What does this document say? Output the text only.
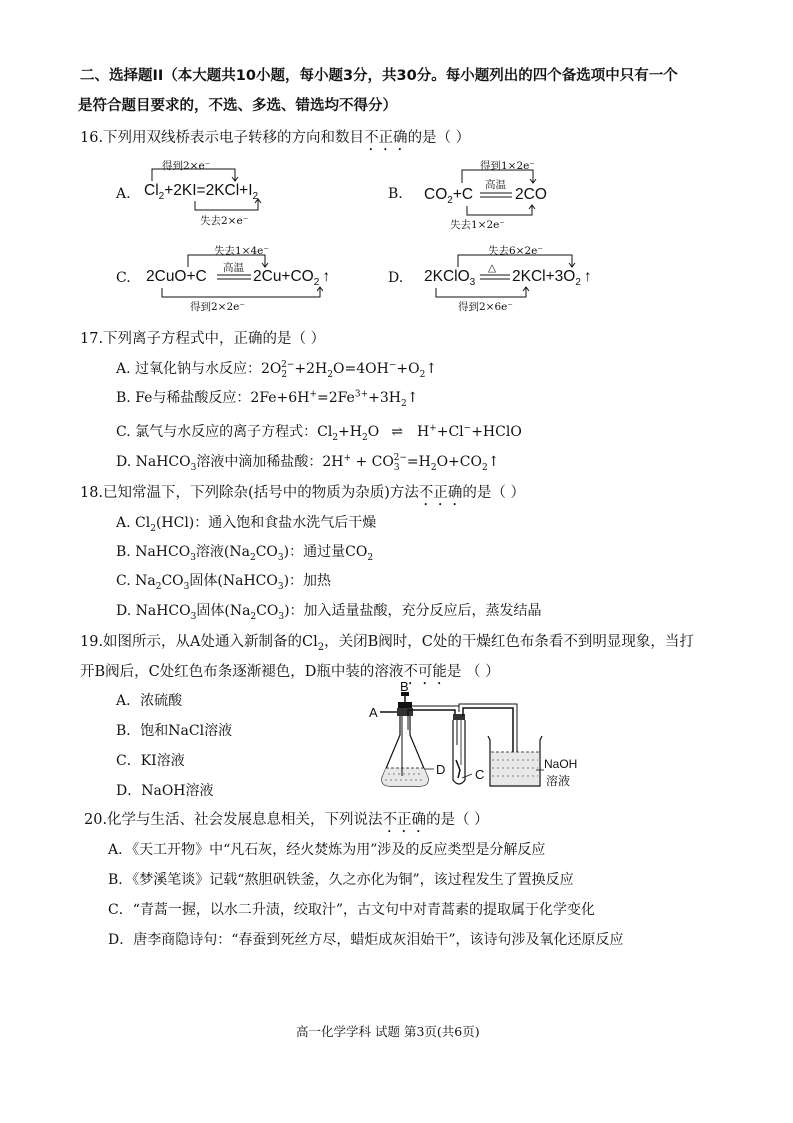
二、选择题II（本大题共10小题，每小题3分，共30分。每小题列出的四个备选项中只有一个
是符合题目要求的，不选、多选、错选均不得分）
16.下列用双线桥表示电子转移的方向和数目不正确的是（ ）
A.
得到2×e⁻
$Cl_2+2KI=2KCl+I_2$
失去2×e⁻
B.
得到1×2e⁻
$CO_2+C$
高温
2CO
失去1×2e⁻
C.
失去1×4e⁻
2CuO+C 高温 $2Cu+CO_2$ ↑
得到2×2e⁻
D.
失去6×2e⁻
2KClO$_3$
△ $2KCl+3O_2$ ↑
得到2×6e⁻
17.下列离子方程式中，正确的是（ ）
A. 过氧化钠与水反应：$2O_2^{2-}+2H_2O=4OH^-+O_2↑$
B. Fe与稀盐酸反应：$2Fe+6H^+=2Fe^{3+}+3H_2↑$
C. 氯气与水反应的离子方程式：$Cl_2+H_2O$ ⇌ H++Cl−+HClO
D. NaHCO$_3$溶液中滴加稀盐酸：$2H^+ + CO_3^{2-}=H_2O+CO_2↑$
18.已知常温下，下列除杂(括号中的物质为杂质)方法不正确的是（ ）
A. $Cl_2(HCl)$：通入饱和食盐水洗气后干燥
B. NaHCO$_3$溶液$(Na_2CO_3)$：通过量$CO_2$
C. $Na_2CO_3$固体(NaHCO$_3$)：加热
D. NaHCO$_3$固体$(Na_2CO_3)$：加入适量盐酸，充分反应后，蒸发结晶
19.如图所示，从A处通入新制备的$Cl_2$，关闭B阀时，C处的干燥红色布条看不到明显现象，当打
开B阀后，C处红色布条逐渐褪色，D瓶中装的溶液不可能是 （ ）
A．浓硫酸
B．饱和NaCl溶液
C．KI溶液
D．NaOH溶液
A
B
C
D	NaOH
溶液
20.化学与生活、社会发展息息相关，下列说法不正确的是（ ）
A．《天工开物》中“凡石灰，经火焚炼为用”涉及的反应类型是分解反应
B．《梦溪笔谈》记载“熬胆矾铁釜，久之亦化为铜”，该过程发生了置换反应
C．“青蒿一握，以水二升渍，绞取汁”，古文句中对青蒿素的提取属于化学变化
D．唐李商隐诗句：“春蚕到死丝方尽，蜡炬成灰泪始干”，该诗句涉及氧化还原反应
高一化学学科 试题 第3页(共6页)
